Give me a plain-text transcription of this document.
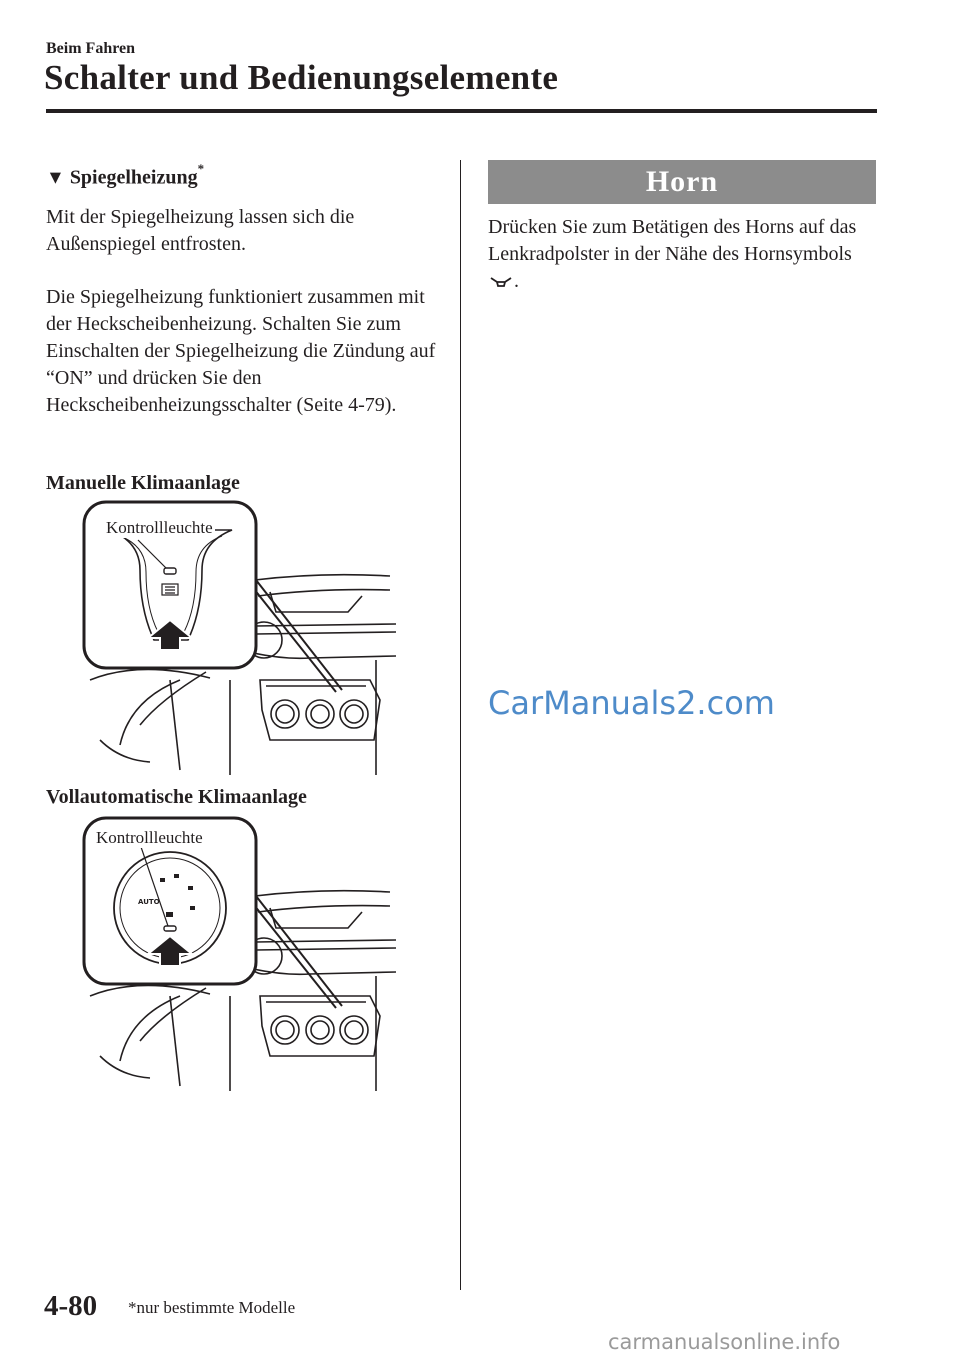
Beim Fahren
Schalter und Bedienungselemente
▼ Spiegelheizung*
Mit der Spiegelheizung lassen sich die Außenspiegel entfrosten.
Die Spiegelheizung funktioniert zusammen mit der Heckscheibenheizung. Schalten Sie zum Einschalten der Spiegelheizung die Zündung auf “ON” und drücken Sie den Heckscheibenheizungsschalter (Seite 4-79).
Manuelle Klimaanlage
Kontrollleuchte
Vollautomatische Klimaanlage
AUTO
Kontrollleuchte
Horn
Drücken Sie zum Betätigen des Horns auf das Lenkradpolster in der Nähe des Hornsymbols .
CarManuals2.com
4-80 *nur bestimmte Modelle
carmanualsonline.info
